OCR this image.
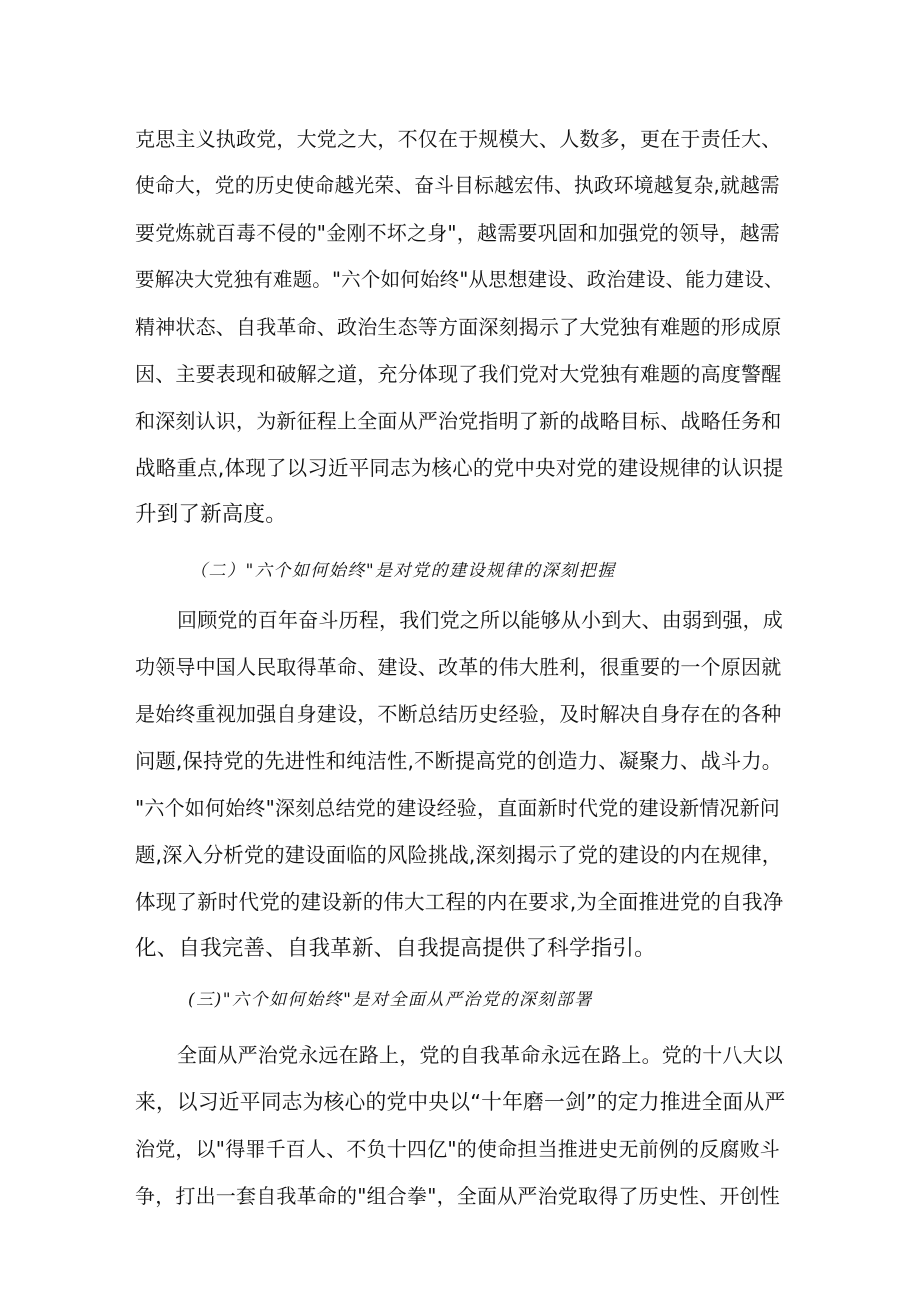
克思主义执政党，大党之大，不仅在于规模大、人数多，更在于责任大、
使命大，党的历史使命越光荣、奋斗目标越宏伟、执政环境越复杂,就越需
要党炼就百毒不侵的"金刚不坏之身"，越需要巩固和加强党的领导，越需
要解决大党独有难题。"六个如何始终"从思想建设、政治建设、能力建设、
精神状态、自我革命、政治生态等方面深刻揭示了大党独有难题的形成原
因、主要表现和破解之道，充分体现了我们党对大党独有难题的高度警醒
和深刻认识，为新征程上全面从严治党指明了新的战略目标、战略任务和
战略重点,体现了以习近平同志为核心的党中央对党的建设规律的认识提
升到了新高度。
（二）"六个如何始终"是对党的建设规律的深刻把握
回顾党的百年奋斗历程，我们党之所以能够从小到大、由弱到强，成
功领导中国人民取得革命、建设、改革的伟大胜利，很重要的一个原因就
是始终重视加强自身建设，不断总结历史经验，及时解决自身存在的各种
问题,保持党的先进性和纯洁性,不断提高党的创造力、凝聚力、战斗力。
"六个如何始终"深刻总结党的建设经验，直面新时代党的建设新情况新问
题,深入分析党的建设面临的风险挑战,深刻揭示了党的建设的内在规律，
体现了新时代党的建设新的伟大工程的内在要求,为全面推进党的自我净
化、自我完善、自我革新、自我提高提供了科学指引。
(三)"六个如何始终"是对全面从严治党的深刻部署
全面从严治党永远在路上，党的自我革命永远在路上。党的十八大以
来，以习近平同志为核心的党中央以“十年磨一剑”的定力推进全面从严
治党，以"得罪千百人、不负十四亿"的使命担当推进史无前例的反腐败斗
争，打出一套自我革命的"组合拳"，全面从严治党取得了历史性、开创性
